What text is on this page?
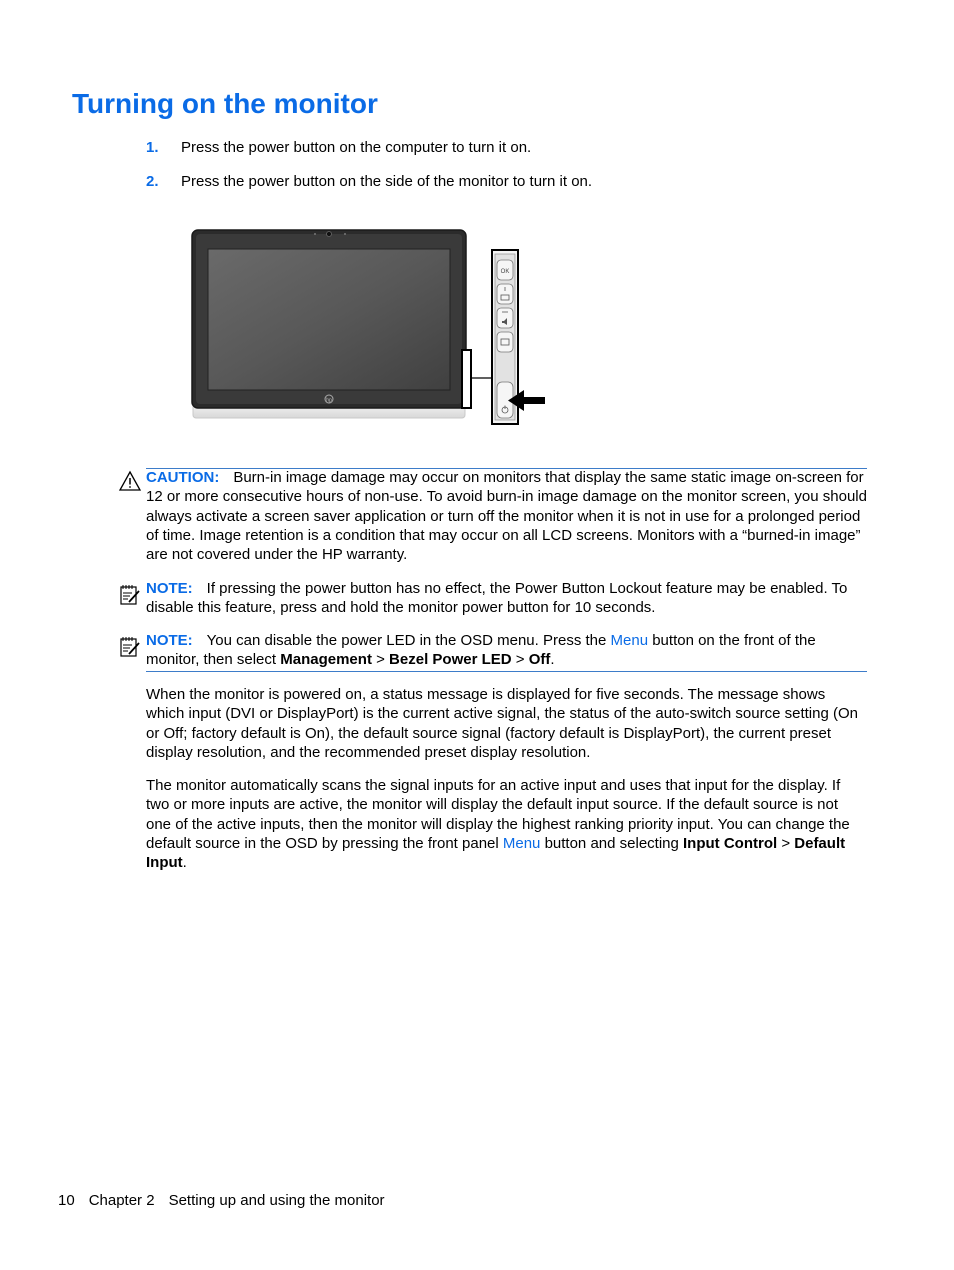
Turning on the monitor
1. Press the power button on the computer to turn it on.
2. Press the power button on the side of the monitor to turn it on.
hp
OK

CAUTION: Burn-in image damage may occur on monitors that display the same static image on-screen for 12 or more consecutive hours of non-use. To avoid burn-in image damage on the monitor screen, you should always activate a screen saver application or turn off the monitor when it is not in use for a prolonged period of time. Image retention is a condition that may occur on all LCD screens. Monitors with a “burned-in image” are not covered under the HP warranty.

NOTE: If pressing the power button has no effect, the Power Button Lockout feature may be enabled. To disable this feature, press and hold the monitor power button for 10 seconds.

NOTE: You can disable the power LED in the OSD menu. Press the Menu button on the front of the monitor, then select Management > Bezel Power LED > Off.

When the monitor is powered on, a status message is displayed for five seconds. The message shows which input (DVI or DisplayPort) is the current active signal, the status of the auto-switch source setting (On or Off; factory default is On), the default source signal (factory default is DisplayPort), the current preset display resolution, and the recommended preset display resolution.

The monitor automatically scans the signal inputs for an active input and uses that input for the display. If two or more inputs are active, the monitor will display the default input source. If the default source is not one of the active inputs, then the monitor will display the highest ranking priority input. You can change the default source in the OSD by pressing the front panel Menu button and selecting Input Control > Default Input.

10 Chapter 2 Setting up and using the monitor
